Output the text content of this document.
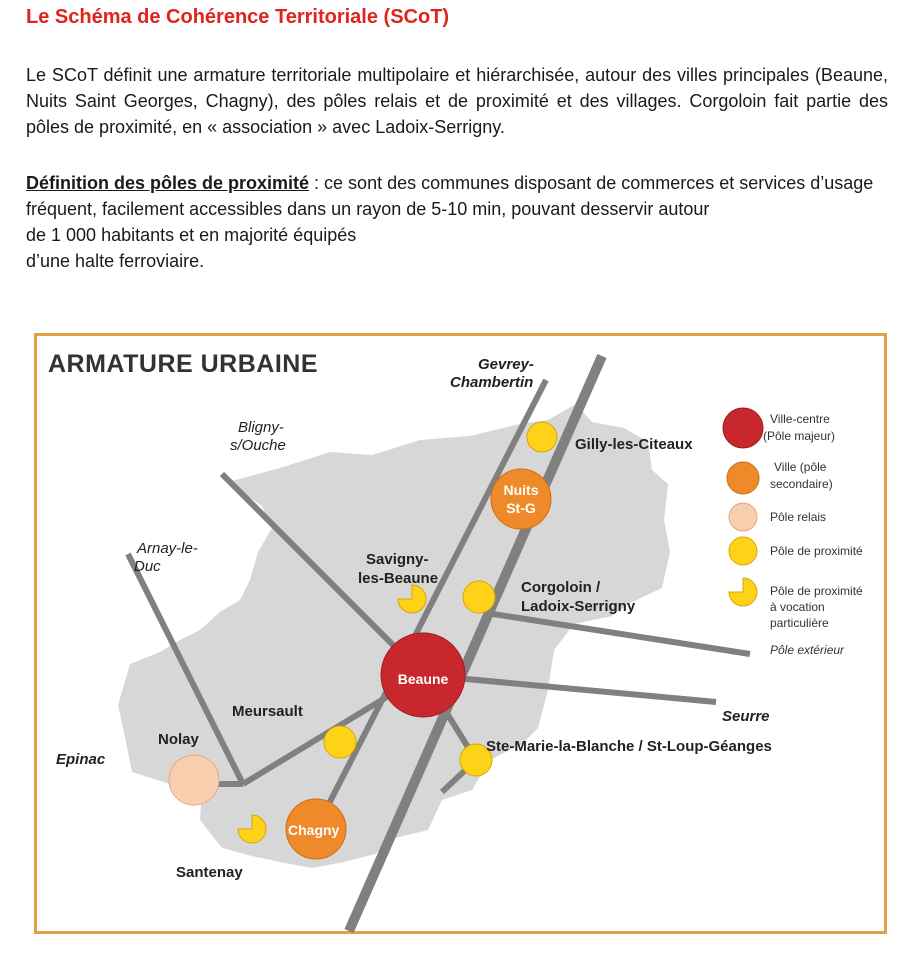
Le Schéma de Cohérence Territoriale (SCoT)

Le SCoT définit une armature territoriale multipolaire et hiérarchisée, autour des villes principales (Beaune, Nuits Saint Georges, Chagny), des pôles relais et de proximité et des villages. Corgoloin fait partie des pôles de proximité, en « association » avec Ladoix-Serrigny.

Définition des pôles de proximité : ce sont des communes disposant de commerces et services d’usage fréquent, facilement accessibles dans un rayon de 5-10 min, pouvant desservir autour
de 1 000 habitants et en majorité équipés
d’une halte ferroviaire.

ARMATURE URBAINE	Gevrey-
Chambertin
Bligny-
s/Ouche	Gilly-les-Citeaux
Nuits
St-G
Arnay-le-
Duc	Savigny-
les-Beaune
Corgoloin /
Ladoix-Serrigny
Beaune
Meursault	Seurre
Nolay
Epinac
Ste-Marie-la-Blanche / St-Loup-Géanges
Chagny
Santenay
Ville-centre
(Pôle majeur)
Ville (pôle
secondaire)
Pôle relais
Pôle de proximité
Pôle de proximité
à vocation
particulière
Pôle extérieur
